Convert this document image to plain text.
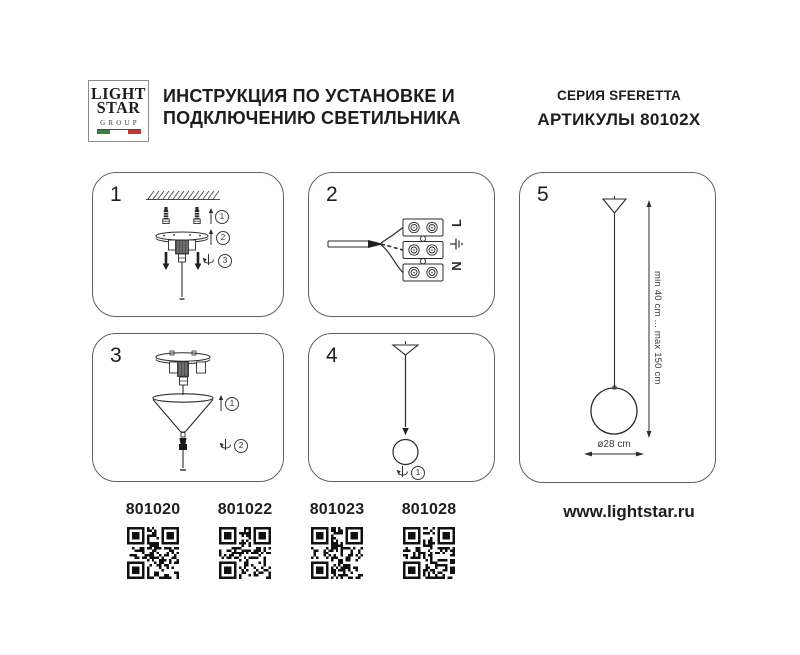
LIGHT
STAR
GROUP
ИНСТРУКЦИЯ ПО УСТАНОВКЕ И
ПОДКЛЮЧЕНИЮ СВЕТИЛЬНИКА
СЕРИЯ SFERETTA
АРТИКУЛЫ 80102X
1
1
2
3
2
L
N
3
1
2
4
1
5
min 40 cm ... max 150 cm
ø28 cm
801020	801022	801023	801028	www.lightstar.ru
